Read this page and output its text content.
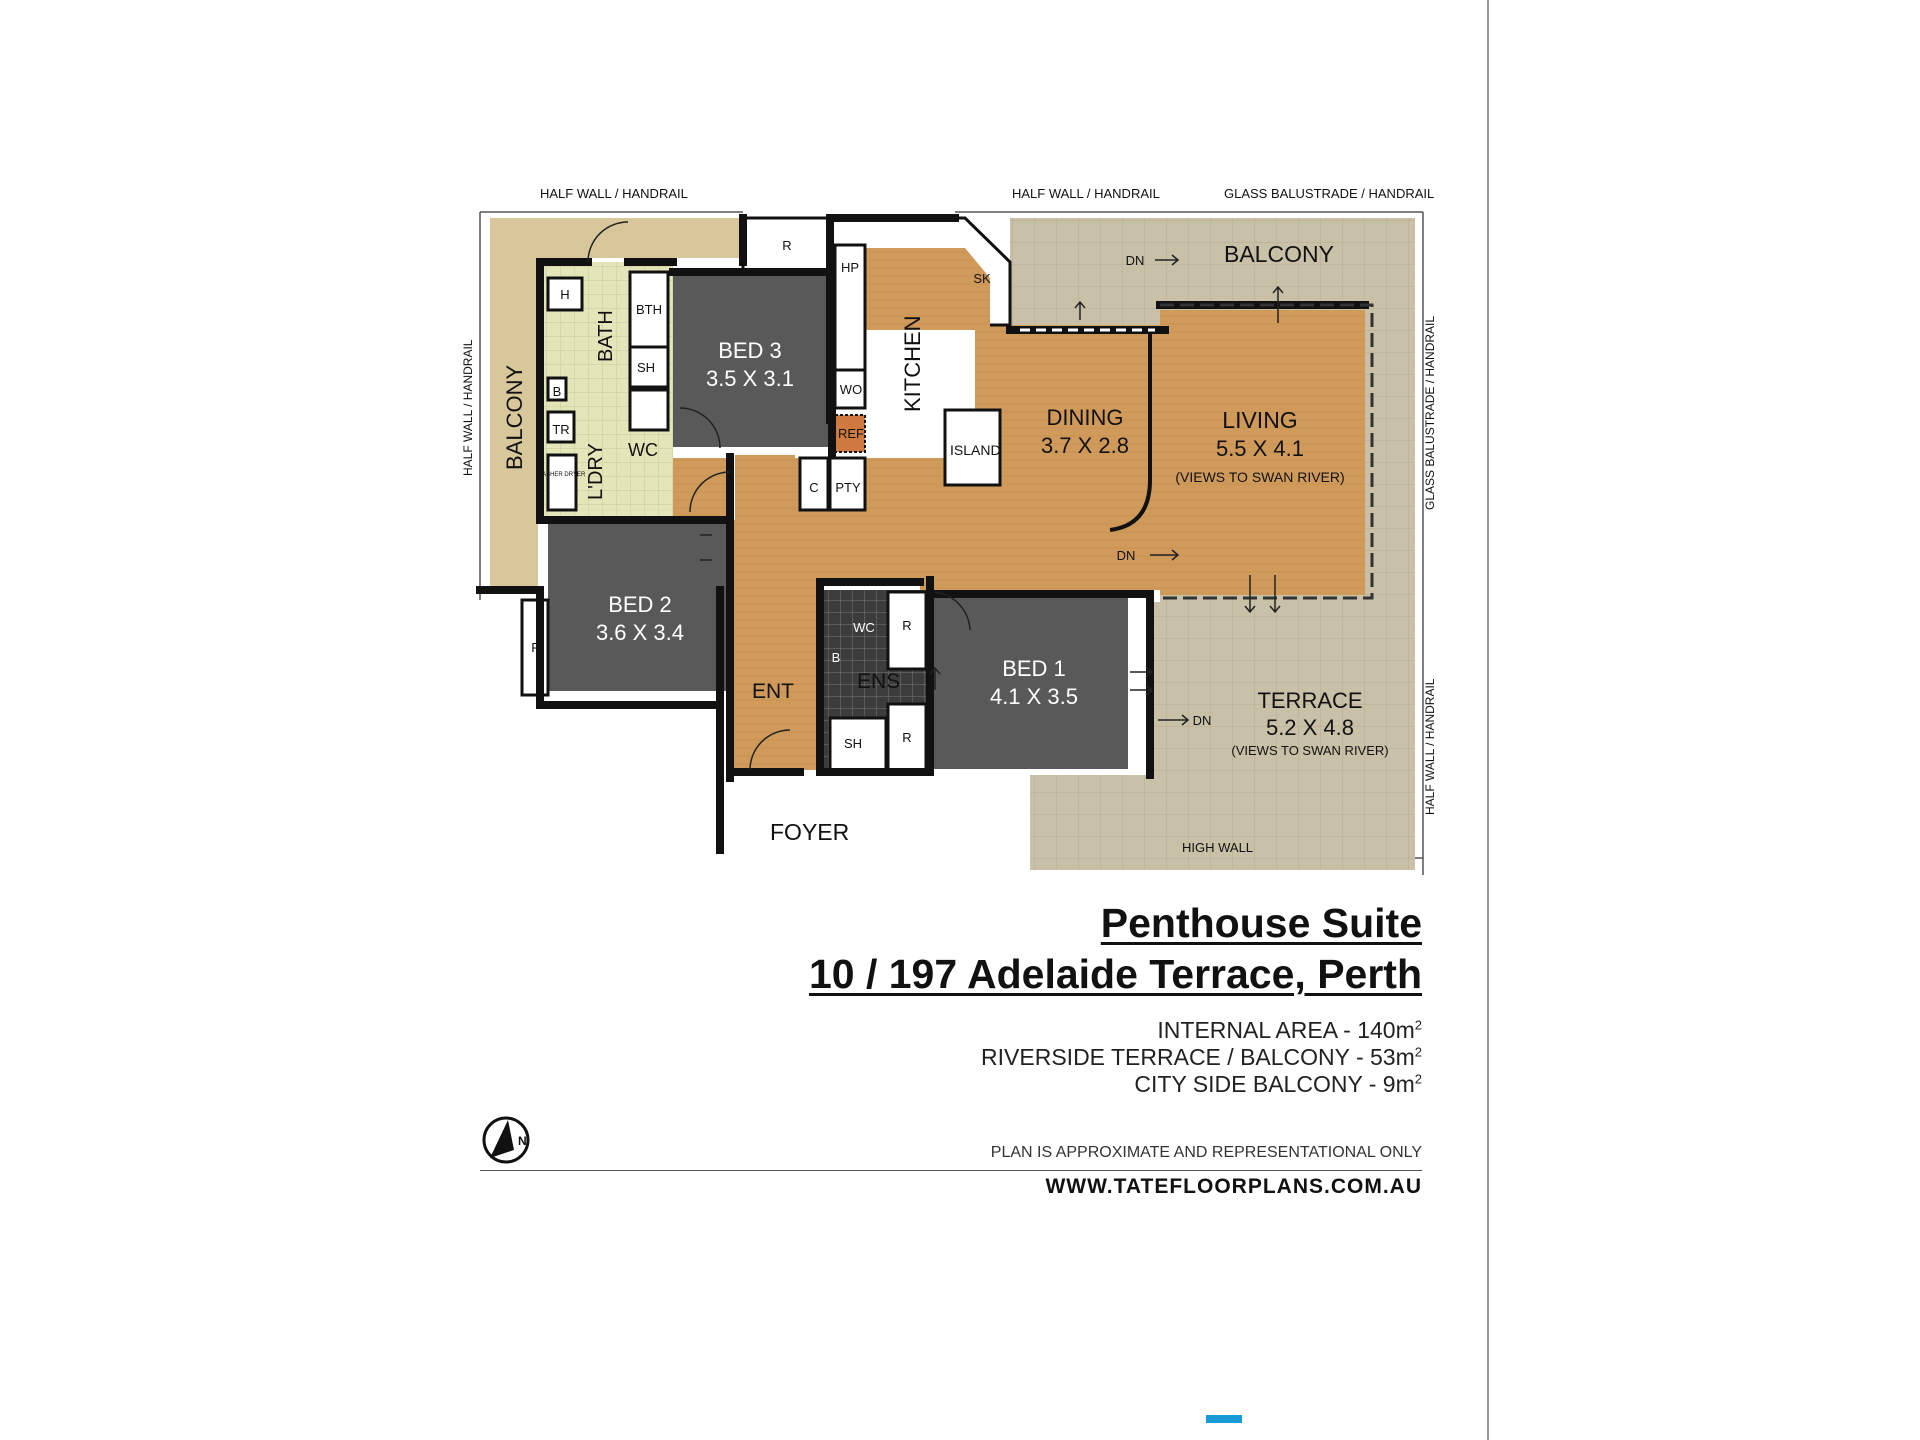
N
HALF WALL / HANDRAIL	HALF WALL / HANDRAIL	GLASS BALUSTRADE / HANDRAIL
HALF WALL / HANDRAIL	GLASS BALUSTRADE / HANDRAIL
HALF WALL / HANDRAIL
HIGH WALL
FOYER
BALCONY
BALCONY
KITCHEN
ISLAND
BATH
L'DRY WC
ENS
ENT
BED 3
3.5 X 3.1
BED 2
3.6 X 3.4
BED 1
4.1 X 3.5
DINING
3.7 X 2.8
LIVING
5.5 X 4.1
(VIEWS TO SWAN RIVER)
TERRACE
5.2 X 4.8
(VIEWS TO SWAN RIVER)
R
HP
WO
REF
SK
C PTY
H
B
TR
BTH
SH
R
R
R
WC
B
SH
DN
DN
DN
WASHER DRYER
Penthouse Suite
10 / 197 Adelaide Terrace, Perth
INTERNAL AREA - $140m^2$
RIVERSIDE TERRACE / BALCONY - $53m^2$
CITY SIDE BALCONY - $9m^2$
PLAN IS APPROXIMATE AND REPRESENTATIONAL ONLY
WWW.TATEFLOORPLANS.COM.AU
